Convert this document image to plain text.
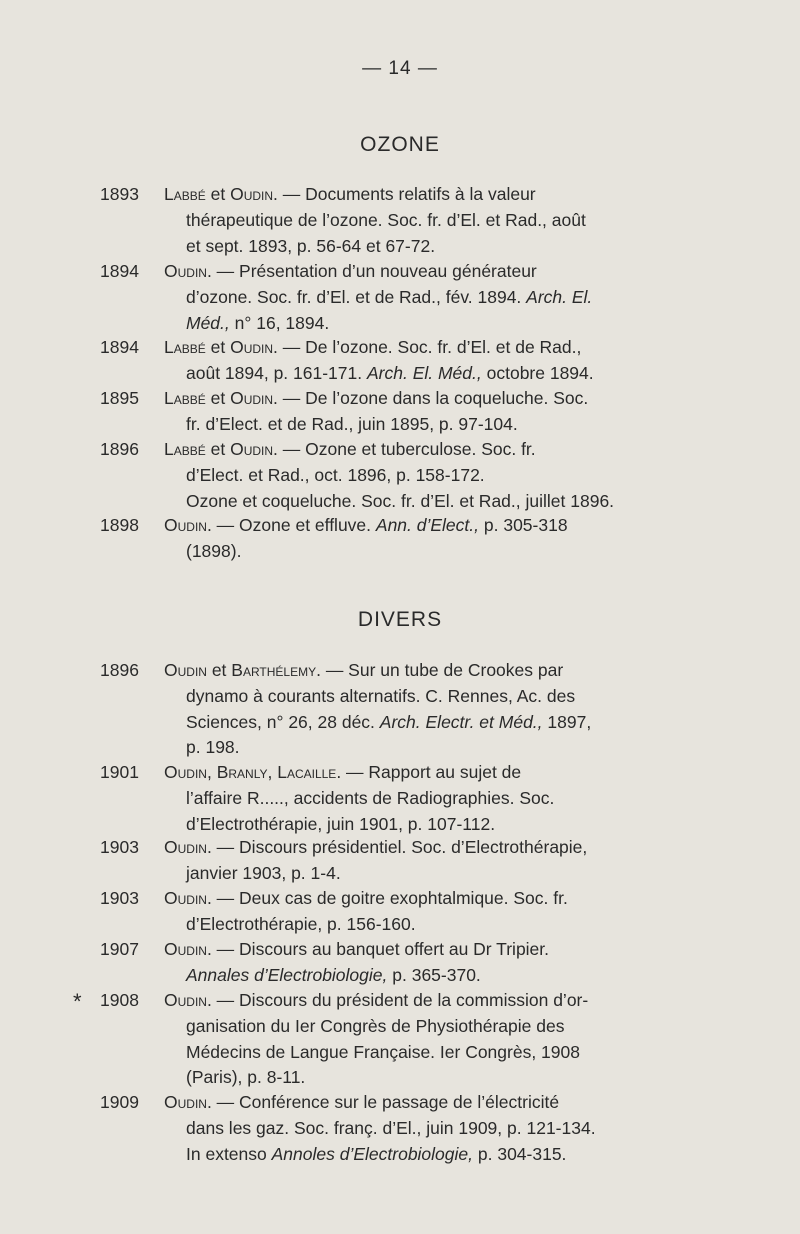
— 14 —
OZONE
1893	Labbé et Oudin. — Documents relatifs à la valeur
thérapeutique de l’ozone. Soc. fr. d’El. et Rad., août
et sept. 1893, p. 56-64 et 67-72.
1894	Oudin. — Présentation d’un nouveau générateur
d’ozone. Soc. fr. d’El. et de Rad., fév. 1894. Arch. El.
Méd., n° 16, 1894.
1894	Labbé et Oudin. — De l’ozone. Soc. fr. d’El. et de Rad.,
août 1894, p. 161-171. Arch. El. Méd., octobre 1894.
1895	Labbé et Oudin. — De l’ozone dans la coqueluche. Soc.
fr. d’Elect. et de Rad., juin 1895, p. 97-104.
1896	Labbé et Oudin. — Ozone et tuberculose. Soc. fr.
d’Elect. et Rad., oct. 1896, p. 158-172.
Ozone et coqueluche. Soc. fr. d’El. et Rad., juillet 1896.
1898	Oudin. — Ozone et effluve. Ann. d’Elect., p. 305-318
(1898).
DIVERS
1896	Oudin et Barthélemy. — Sur un tube de Crookes par
dynamo à courants alternatifs. C. Rennes, Ac. des
Sciences, n° 26, 28 déc. Arch. Electr. et Méd., 1897,
p. 198.
1901	Oudin, Branly, Lacaille. — Rapport au sujet de
l’affaire R....., accidents de Radiographies. Soc.
d’Electrothérapie, juin 1901, p. 107-112.
1903	Oudin. — Discours présidentiel. Soc. d’Electrothérapie,
janvier 1903, p. 1-4.
1903	Oudin. — Deux cas de goitre exophtalmique. Soc. fr.
d’Electrothérapie, p. 156-160.
1907	Oudin. — Discours au banquet offert au Dr Tripier.
Annales d’Electrobiologie, p. 365-370.
* 1908	Oudin. — Discours du président de la commission d’or-
ganisation du Ier Congrès de Physiothérapie des
Médecins de Langue Française. Ier Congrès, 1908
(Paris), p. 8-11.
1909	Oudin. — Conférence sur le passage de l’électricité
dans les gaz. Soc. franç. d’El., juin 1909, p. 121-134.
In extenso Annoles d’Electrobiologie, p. 304-315.
